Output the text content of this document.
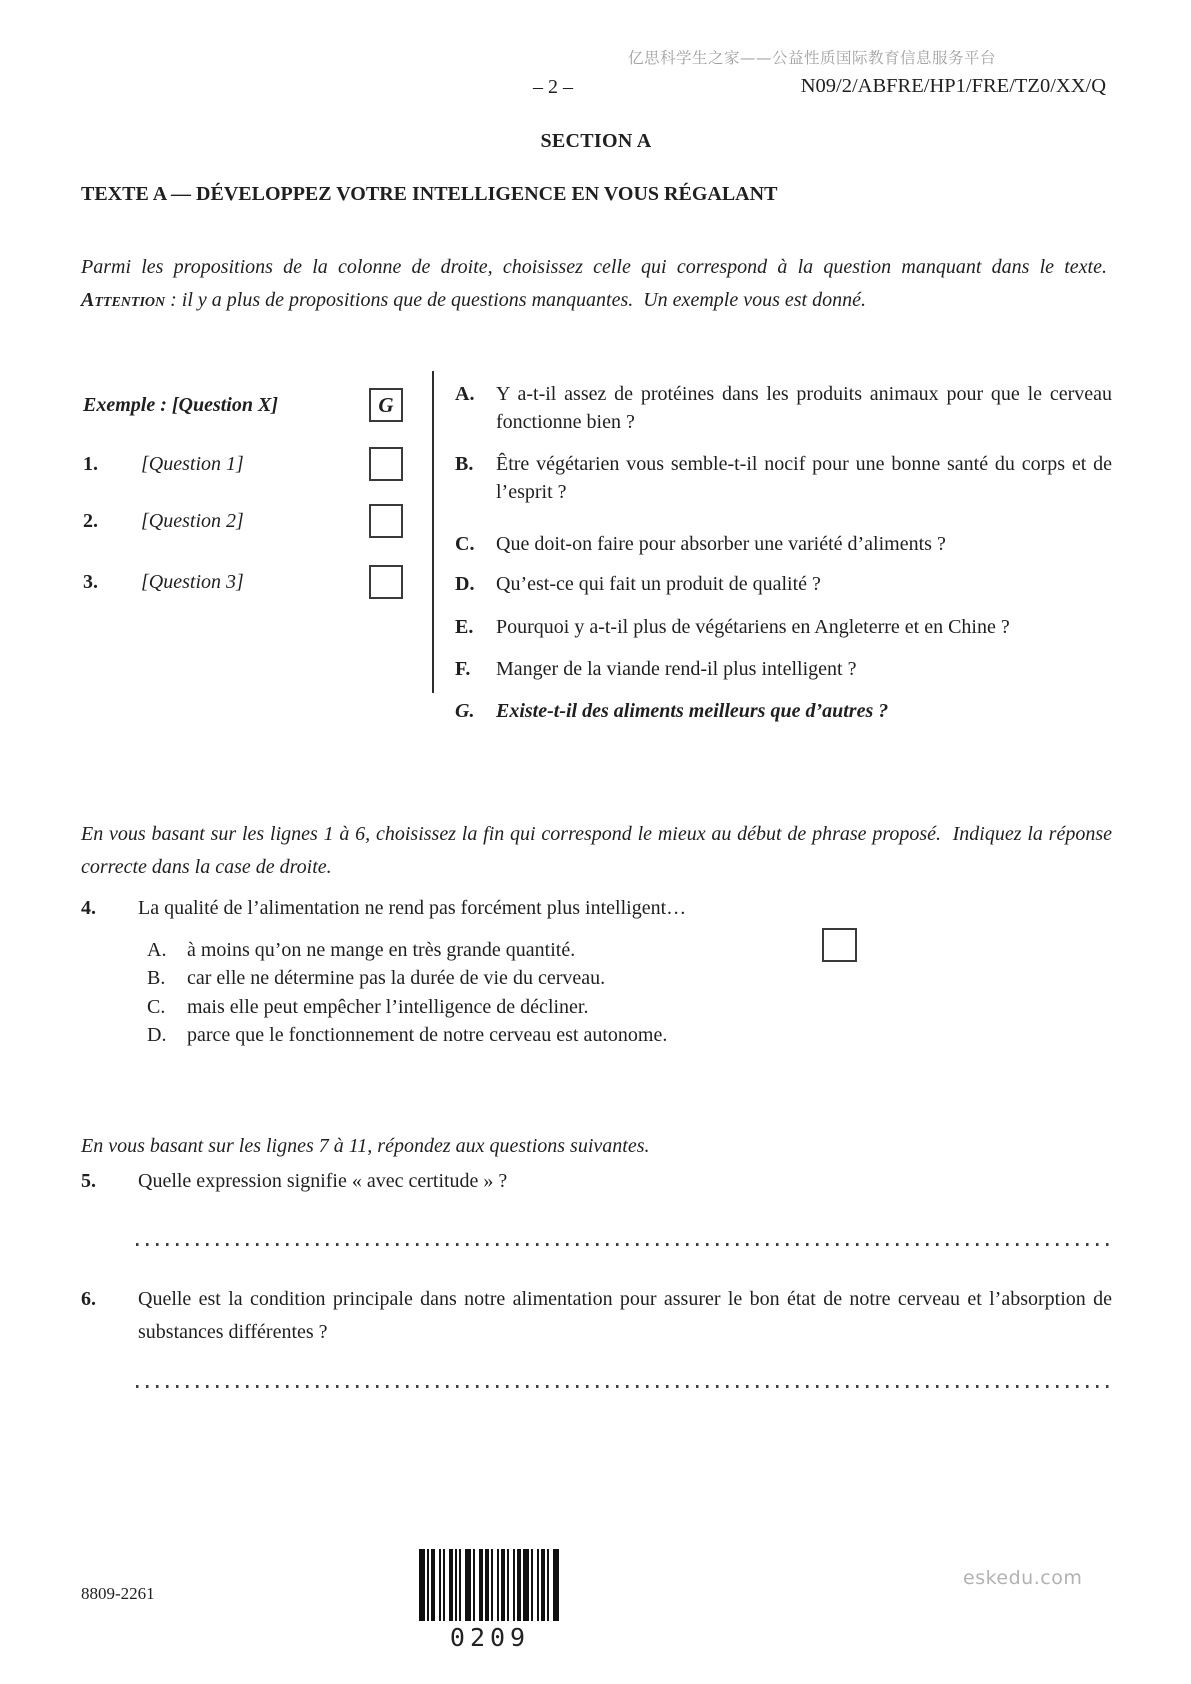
亿思科学生之家——公益性质国际教育信息服务平台
– 2 –	N09/2/ABFRE/HP1/FRE/TZ0/XX/Q
SECTION A
TEXTE A — DÉVELOPPEZ VOTRE INTELLIGENCE EN VOUS RÉGALANT

Parmi les propositions de la colonne de droite, choisissez celle qui correspond à la question manquant dans le texte.  Attention : il y a plus de propositions que de questions manquantes.  Un exemple vous est donné.

Exemple : [Question X]	G
1.	[Question 1]
2.	[Question 2]
3.	[Question 3]
A.	Y a-t-il assez de protéines dans les produits animaux pour que le cerveau fonctionne bien ?
B.	Être végétarien vous semble-t-il nocif pour une bonne santé du corps et de l’esprit ?
C.	Que doit-on faire pour absorber une variété d’aliments ?
D.	Qu’est-ce qui fait un produit de qualité ?
E.	Pourquoi y a-t-il plus de végétariens en Angleterre et en Chine ?
F.	Manger de la viande rend-il plus intelligent ?
G.	Existe-t-il des aliments meilleurs que d’autres ?

En vous basant sur les lignes 1 à 6, choisissez la fin qui correspond le mieux au début de phrase proposé.  Indiquez la réponse correcte dans la case de droite.

4.	La qualité de l’alimentation ne rend pas forcément plus intelligent…
A.	à moins qu’on ne mange en très grande quantité.
B.	car elle ne détermine pas la durée de vie du cerveau.
C.	mais elle peut empêcher l’intelligence de décliner.
D.	parce que le fonctionnement de notre cerveau est autonome.

En vous basant sur les lignes 7 à 11, répondez aux questions suivantes.

5.	Quelle expression signifie « avec certitude » ?
6.	Quelle est la condition principale dans notre alimentation pour assurer le bon état de notre cerveau et l’absorption de substances différentes ?
8809-2261
0209
eskedu.com
